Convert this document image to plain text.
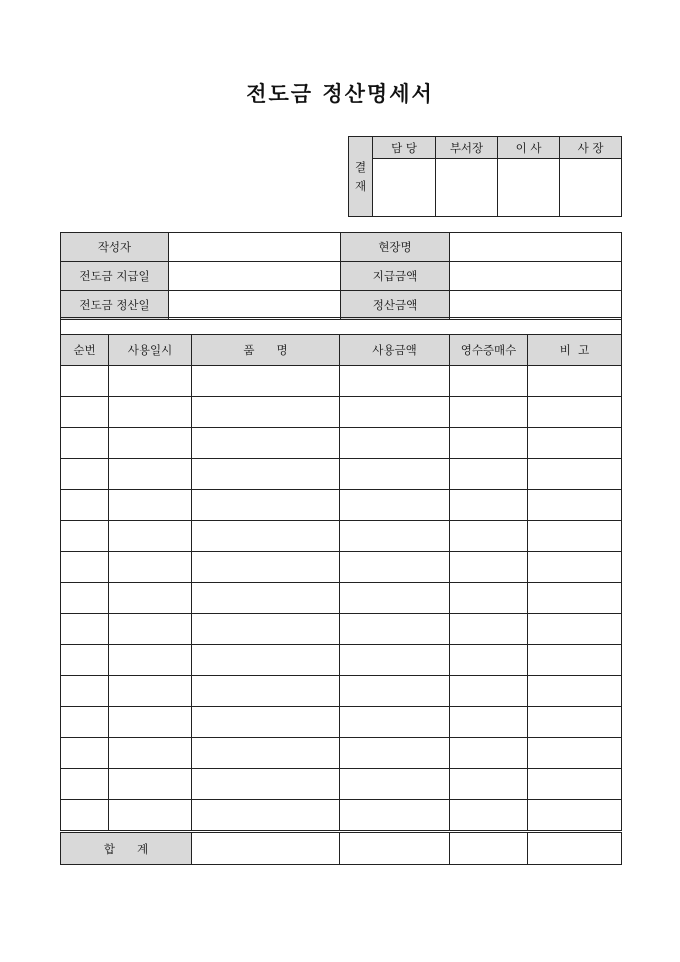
전도금 정산명세서
결
재	담 당	부서장	이 사	사 장

작성자		현장명	
전도금 지급일		지급금액	
전도금 정산일		정산금액	

순번	사용일시	품      명	사용금액	영수증매수	비  고

합      계					
